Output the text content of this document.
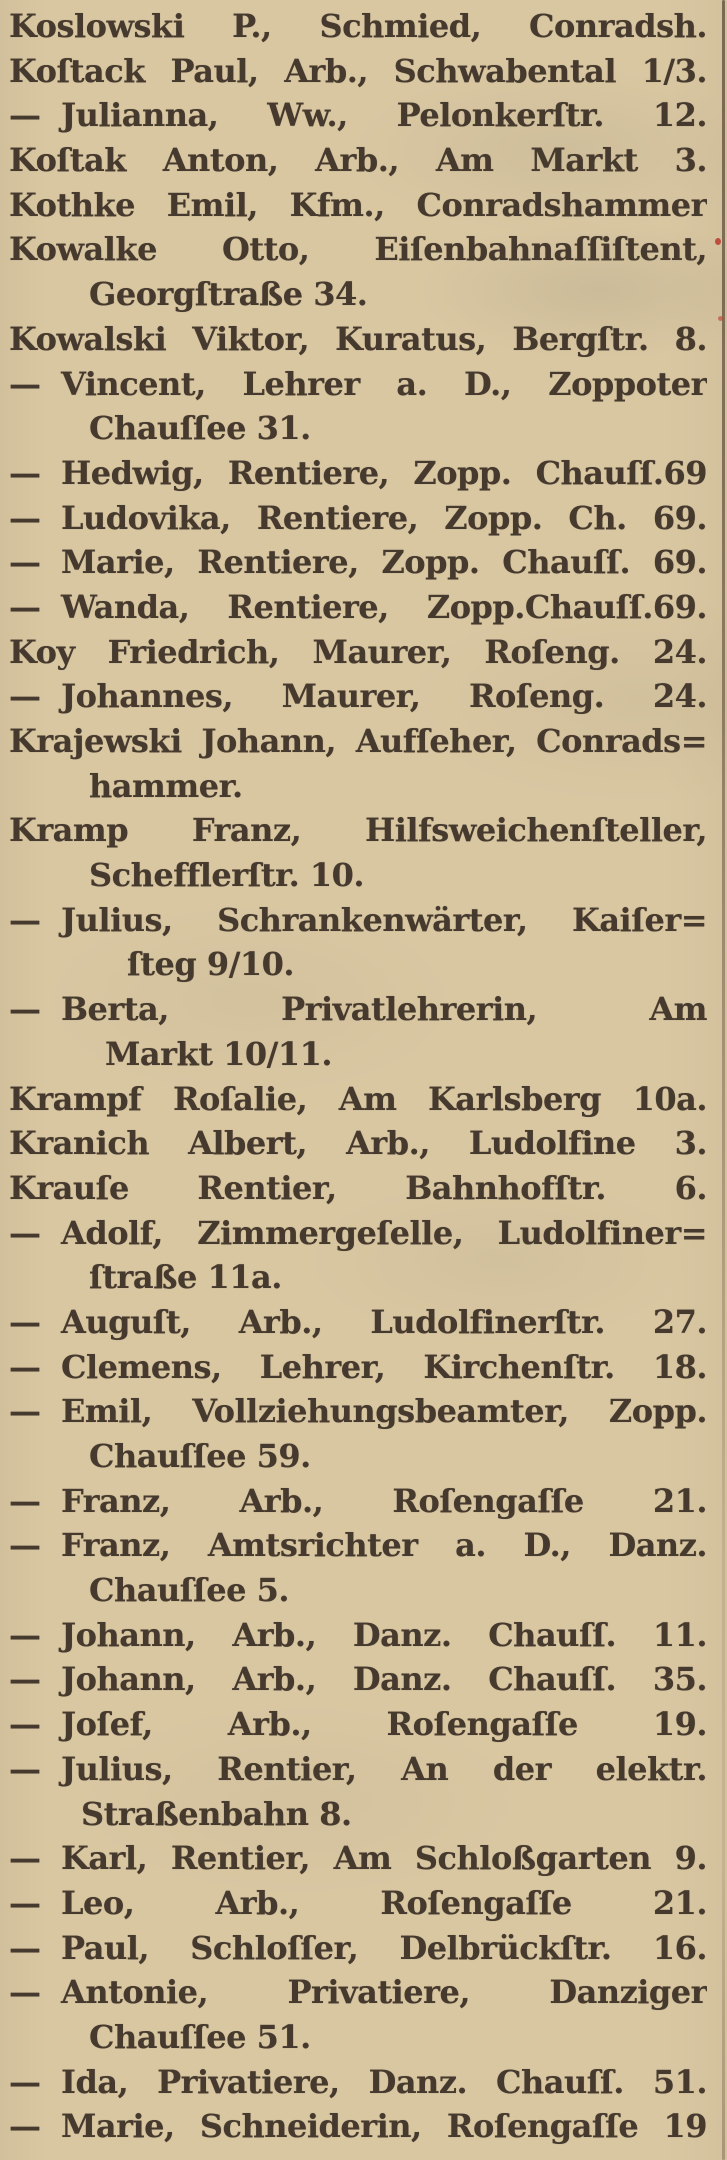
Koslowski P., Schmied, Conradsh.
Koſtack Paul, Arb., Schwabental 1/3.
— Julianna, Ww., Pelonkerſtr. 12.
Koſtak Anton, Arb., Am Markt 3.
Kothke Emil, Kfm., Conradshammer
Kowalke Otto, Eiſenbahnaſſiſtent,
Georgſtraße 34.
Kowalski Viktor, Kuratus, Bergſtr. 8.
— Vincent, Lehrer a. D., Zoppoter
Chauſſee 31.
— Hedwig, Rentiere, Zopp. Chauſſ.69
— Ludovika, Rentiere, Zopp. Ch. 69.
— Marie, Rentiere, Zopp. Chauſſ. 69.
— Wanda, Rentiere, Zopp.Chauſſ.69.
Koy Friedrich, Maurer, Roſeng. 24.
— Johannes, Maurer, Roſeng. 24.
Krajewski Johann, Aufſeher, Conrads=
hammer.
Kramp Franz, Hilfsweichenſteller,
Schefflerſtr. 10.
— Julius, Schrankenwärter, Kaiſer=
ſteg 9/10.
— Berta, Privatlehrerin, Am
Markt 10/11.
Krampf Roſalie, Am Karlsberg 10a.
Kranich Albert, Arb., Ludolfine 3.
Krauſe Rentier, Bahnhofſtr. 6.
— Adolf, Zimmergeſelle, Ludolfiner=
ſtraße 11a.
— Auguſt, Arb., Ludolfinerſtr. 27.
— Clemens, Lehrer, Kirchenſtr. 18.
— Emil, Vollziehungsbeamter, Zopp.
Chauſſee 59.
— Franz, Arb., Roſengaſſe 21.
— Franz, Amtsrichter a. D., Danz.
Chauſſee 5.
— Johann, Arb., Danz. Chauſſ. 11.
— Johann, Arb., Danz. Chauſſ. 35.
— Joſef, Arb., Roſengaſſe 19.
— Julius, Rentier, An der elektr.
Straßenbahn 8.
— Karl, Rentier, Am Schloßgarten 9.
— Leo, Arb., Roſengaſſe 21.
— Paul, Schloſſer, Delbrückſtr. 16.
— Antonie, Privatiere, Danziger
Chauſſee 51.
— Ida, Privatiere, Danz. Chauſſ. 51.
— Marie, Schneiderin, Roſengaſſe 19
